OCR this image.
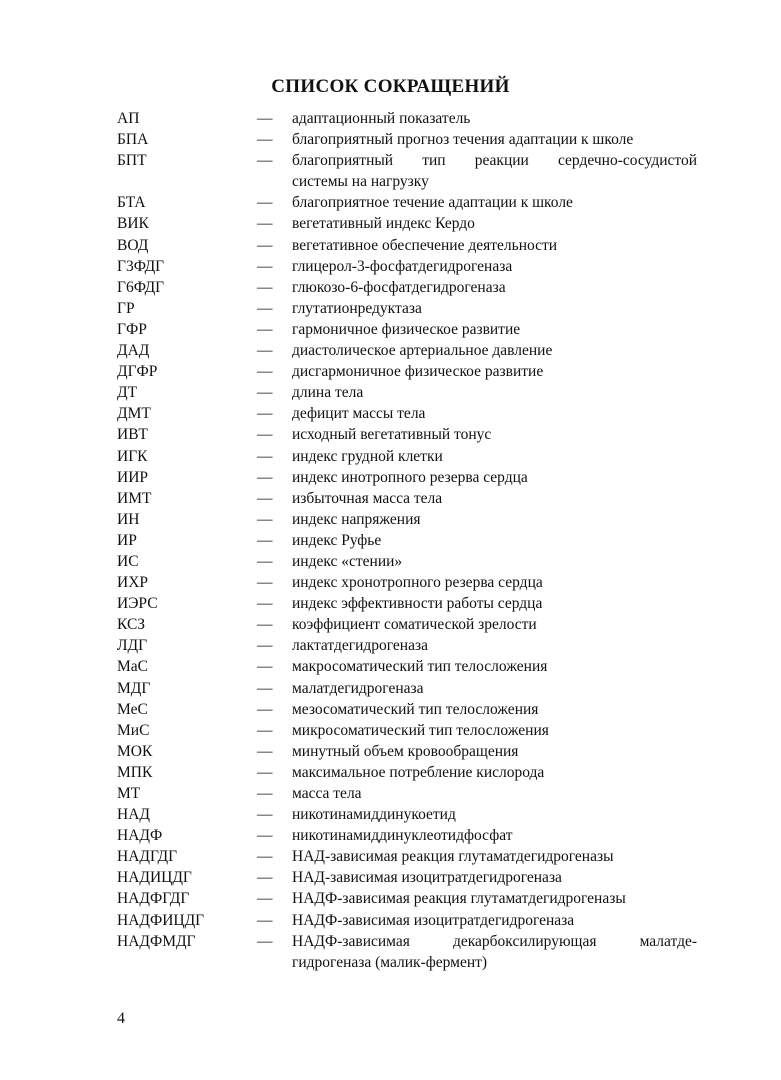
СПИСОК СОКРАЩЕНИЙ
АП	—	адаптационный показатель
БПА	—	благоприятный прогноз течения адаптации к школе
БПТ	—	благоприятный тип реакции сердечно-сосудистой
системы на нагрузку
БТА	—	благоприятное течение адаптации к школе
ВИК	—	вегетативный индекс Кердо
ВОД	—	вегетативное обеспечение деятельности
Г3ФДГ	—	глицерол-3-фосфатдегидрогеназа
Г6ФДГ	—	глюкозо-6-фосфатдегидрогеназа
ГР	—	глутатионредуктаза
ГФР	—	гармоничное физическое развитие
ДАД	—	диастолическое артериальное давление
ДГФР	—	дисгармоничное физическое развитие
ДТ	—	длина тела
ДМТ	—	дефицит массы тела
ИВТ	—	исходный вегетативный тонус
ИГК	—	индекс грудной клетки
ИИР	—	индекс инотропного резерва сердца
ИМТ	—	избыточная масса тела
ИН	—	индекс напряжения
ИР	—	индекс Руфье
ИС	—	индекс «стении»
ИХР	—	индекс хронотропного резерва сердца
ИЭРС	—	индекс эффективности работы сердца
КСЗ	—	коэффициент соматической зрелости
ЛДГ	—	лактатдегидрогеназа
МаС	—	макросоматический тип телосложения
МДГ	—	малатдегидрогеназа
МеС	—	мезосоматический тип телосложения
МиС	—	микросоматический тип телосложения
МОК	—	минутный объем кровообращения
МПК	—	максимальное потребление кислорода
МТ	—	масса тела
НАД	—	никотинамиддинукоетид
НАДФ	—	никотинамиддинуклеотидфосфат
НАДГДГ	—	НАД-зависимая реакция глутаматдегидрогеназы
НАДИЦДГ	—	НАД-зависимая изоцитратдегидрогеназа
НАДФГДГ	—	НАДФ-зависимая реакция глутаматдегидрогеназы
НАДФИЦДГ	—	НАДФ-зависимая изоцитратдегидрогеназа
НАДФМДГ	—	НАДФ-зависимая декарбоксилирующая малатде-
гидрогеназа (малик-фермент)
4
